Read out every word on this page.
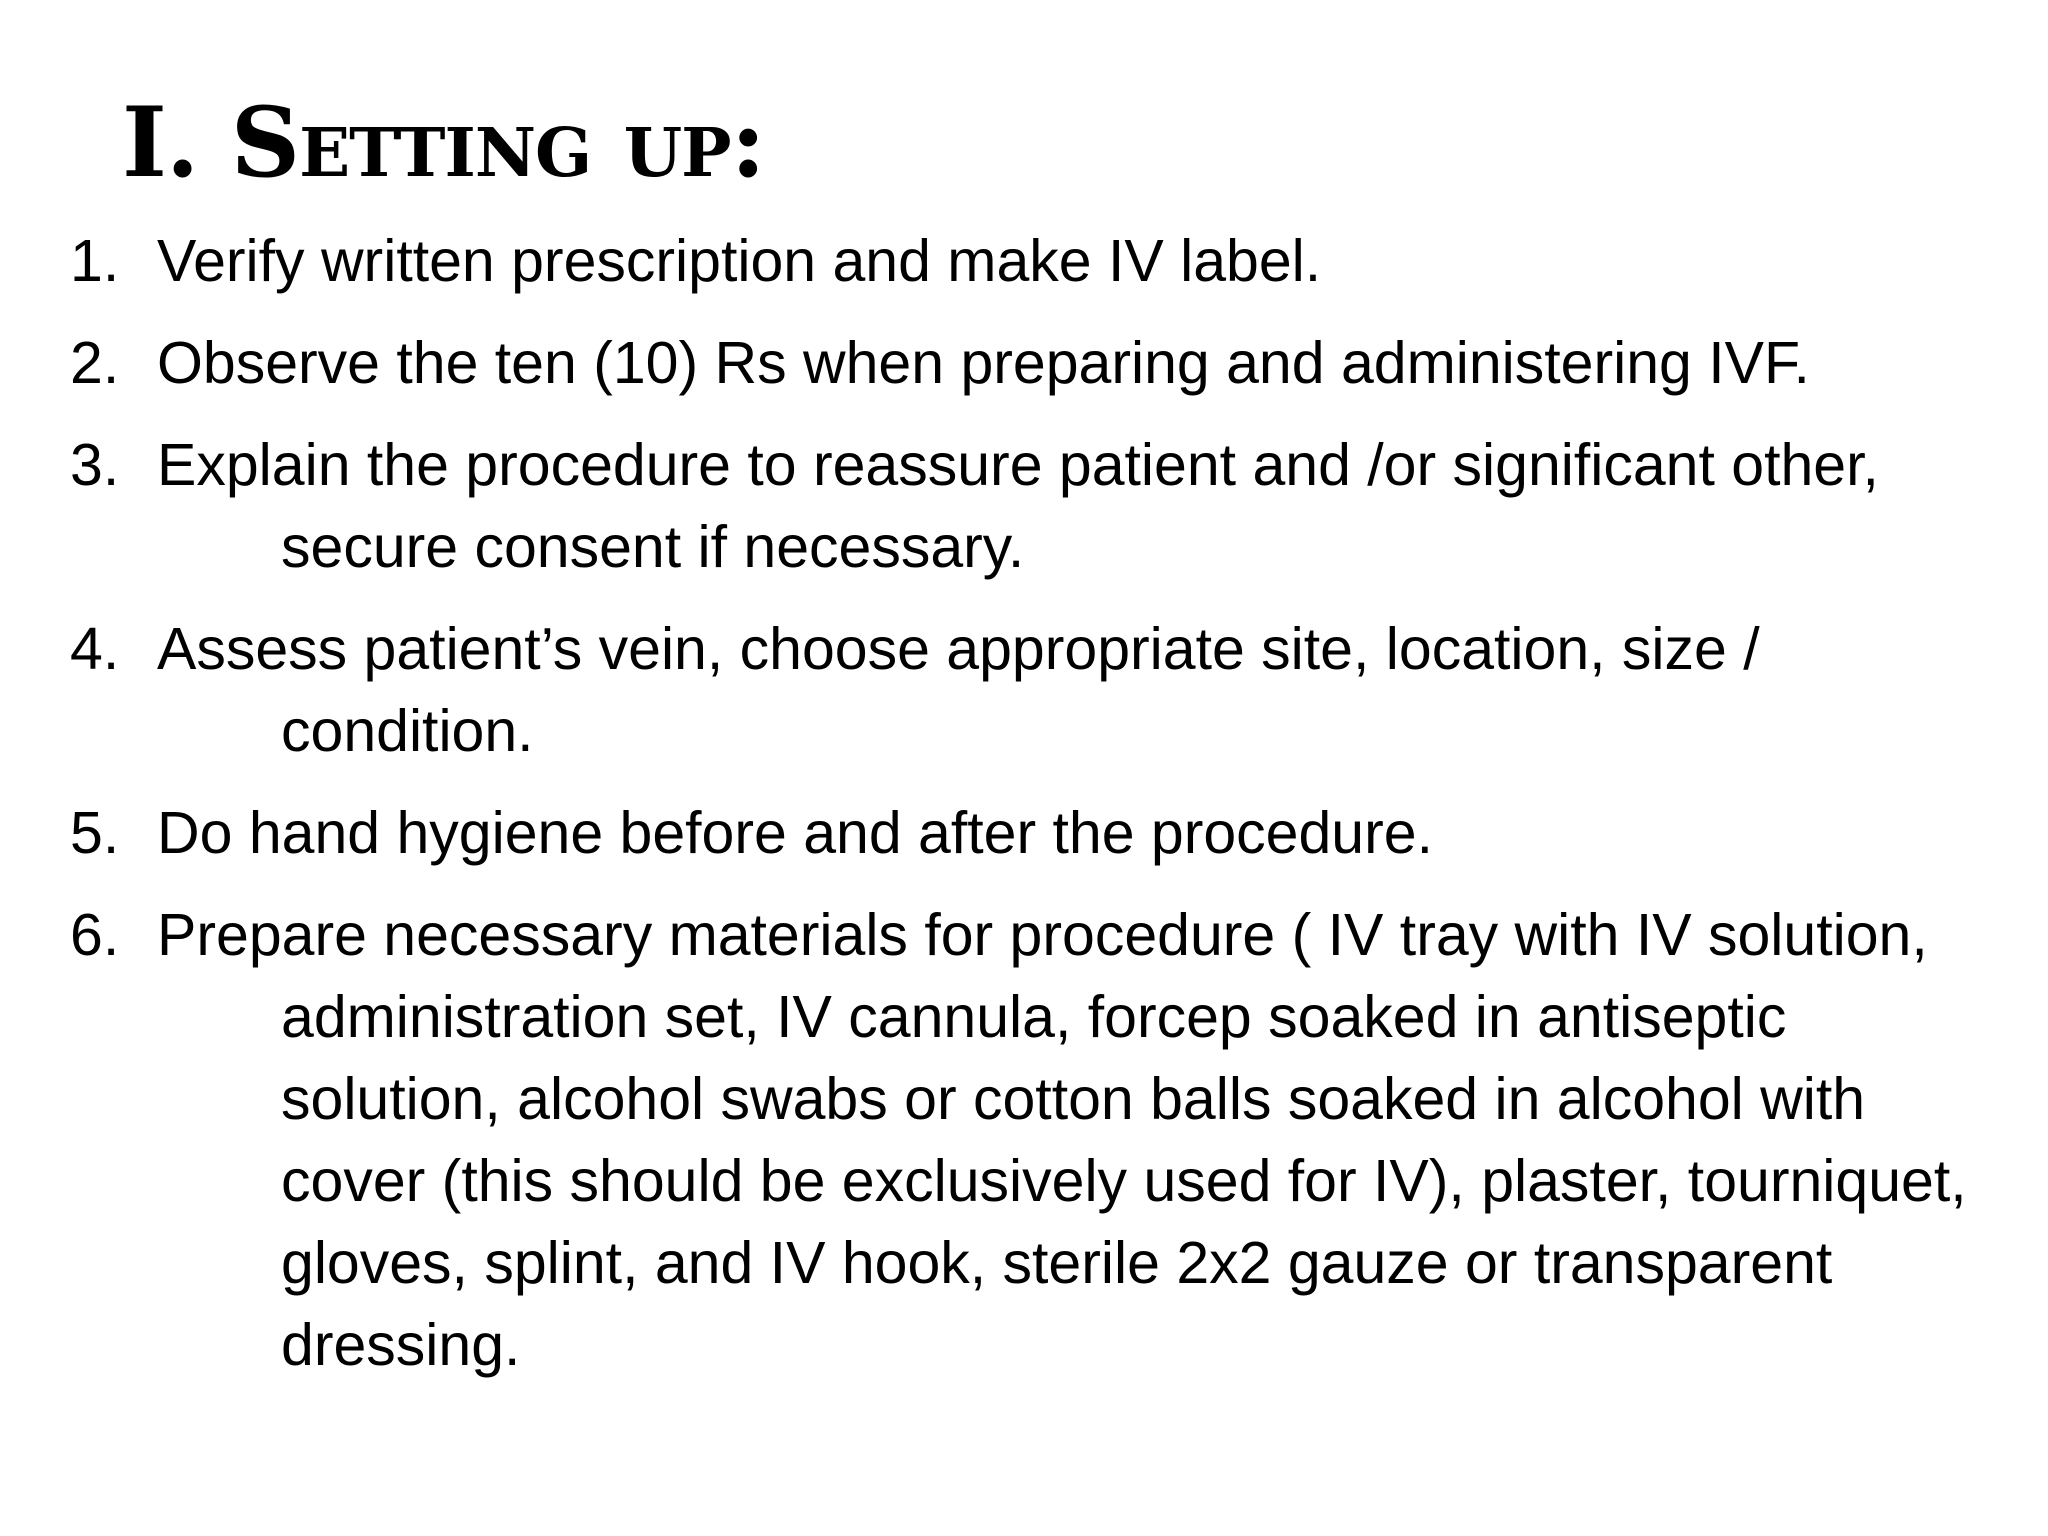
I. Setting up:
1. Verify written prescription and make IV label.
2. Observe the ten (10) Rs when preparing and administering IVF.
3. Explain the procedure to reassure patient and /or significant other, secure consent if necessary.
4. Assess patient’s vein, choose appropriate site, location, size / condition.
5. Do hand hygiene before and after the procedure.
6. Prepare necessary materials for procedure ( IV tray with IV solution, administration set, IV cannula, forcep soaked in antiseptic solution, alcohol swabs or cotton balls soaked in alcohol with cover (this should be exclusively used for IV), plaster, tourniquet, gloves, splint, and IV hook, sterile 2x2 gauze or transparent dressing.
